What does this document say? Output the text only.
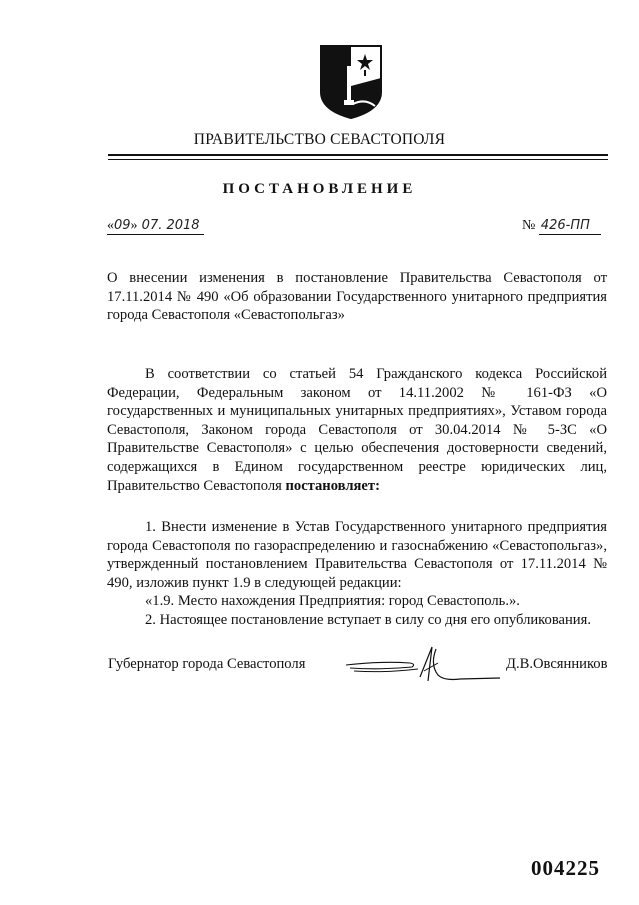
ПРАВИТЕЛЬСТВО СЕВАСТОПОЛЯ
ПОСТАНОВЛЕНИЕ
«09» 07. 2018	№ 426-ПП

О внесении изменения в постановление Правительства Севастополя от 17.11.2014 № 490 «Об образовании Государственного унитарного предприятия города Севастополя «Севастопольгаз»

В соответствии со статьей 54 Гражданского кодекса Российской Федерации, Федеральным законом от 14.11.2002 № 161-ФЗ «О государственных и муниципальных унитарных предприятиях», Уставом города Севастополя, Законом города Севастополя от 30.04.2014 № 5-ЗС «О Правительстве Севастополя» с целью обеспечения достоверности сведений, содержащихся в Едином государственном реестре юридических лиц, Правительство Севастополя постановляет:

1. Внести изменение в Устав Государственного унитарного предприятия города Севастополя по газораспределению и газоснабжению «Севастопольгаз», утвержденный постановлением Правительства Севастополя от 17.11.2014 № 490, изложив пункт 1.9 в следующей редакции:

«1.9. Место нахождения Предприятия: город Севастополь.».

2. Настоящее постановление вступает в силу со дня его опубликования.

Губернатор города Севастополя	Д.В.Овсянников
004225
